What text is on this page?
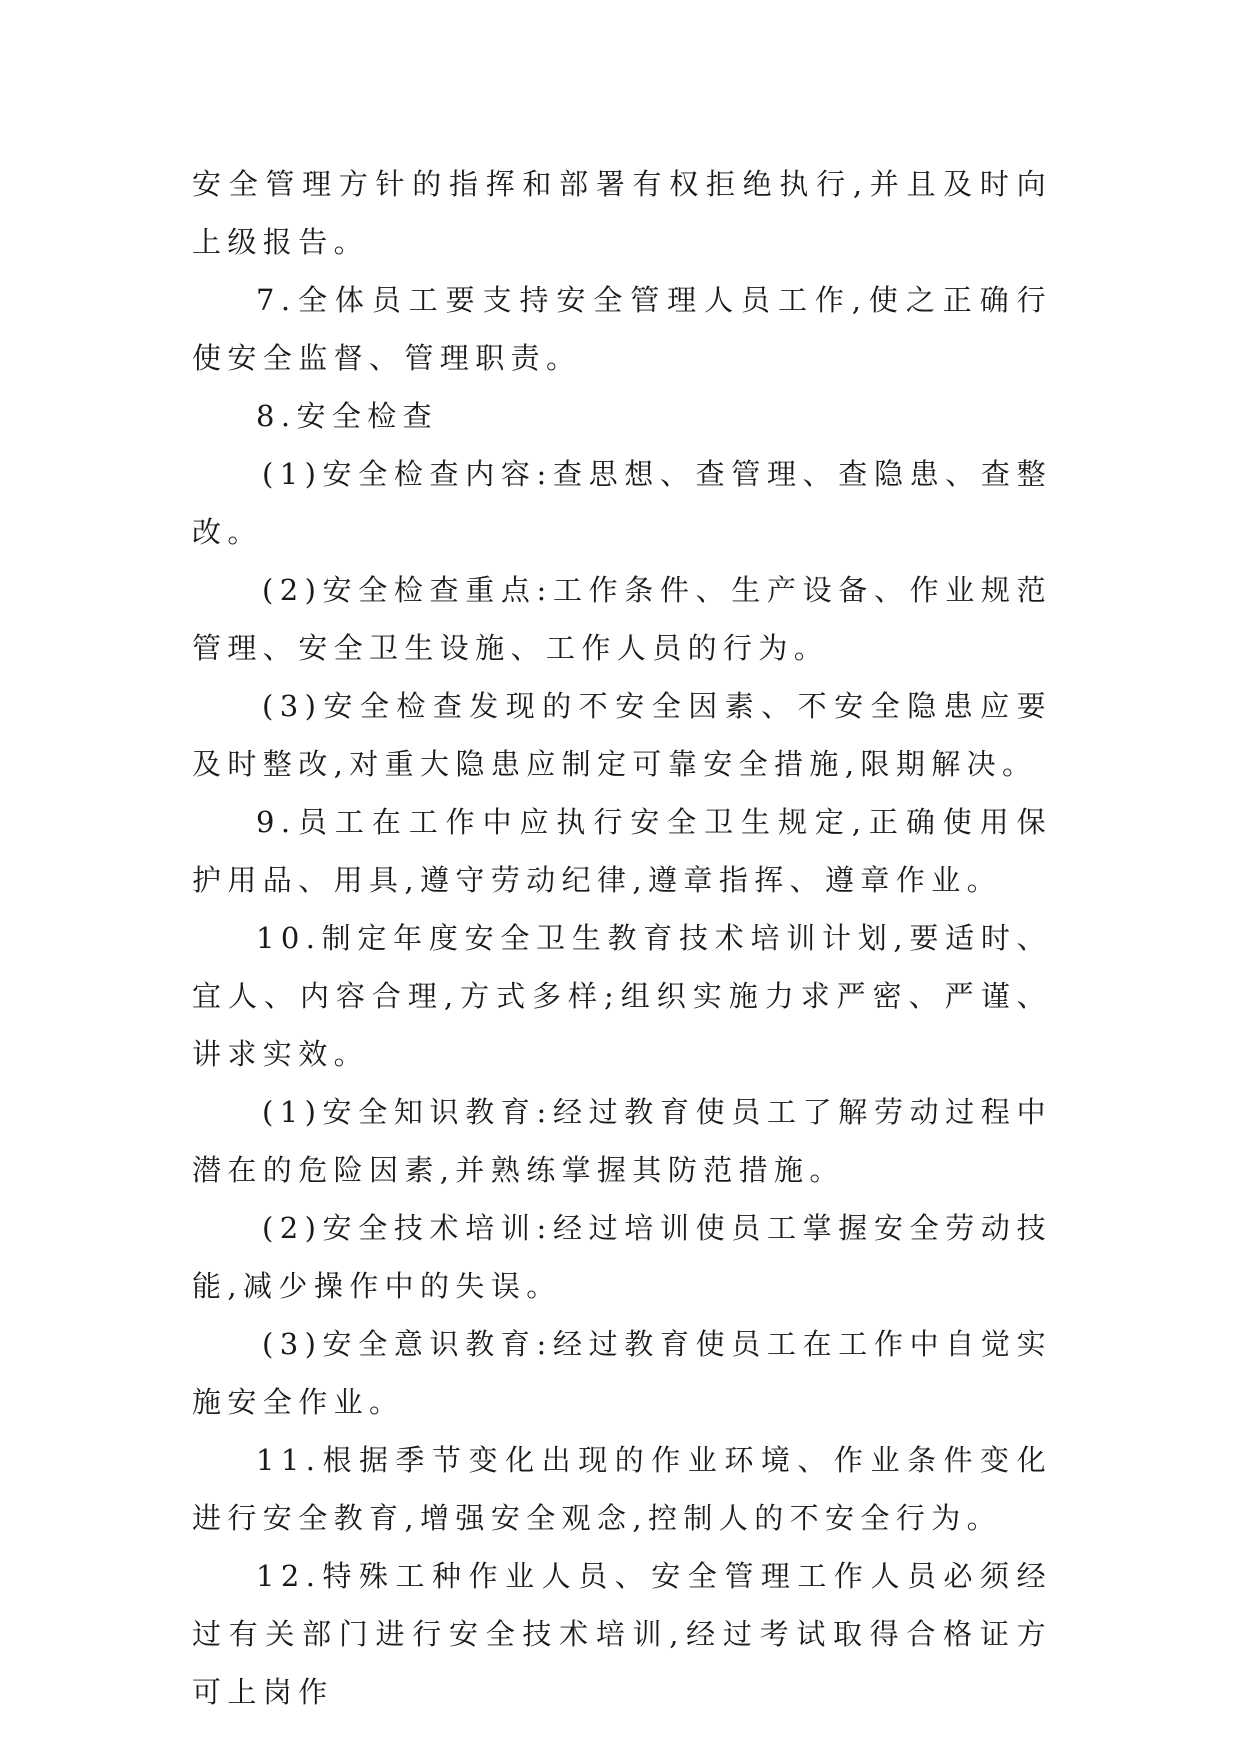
安全管理方针的指挥和部署有权拒绝执行,并且及时向上级报告。

7.全体员工要支持安全管理人员工作,使之正确行使安全监督、管理职责。

8.安全检查

(1)安全检查内容:查思想、查管理、查隐患、查整改。

(2)安全检查重点:工作条件、生产设备、作业规范管理、安全卫生设施、工作人员的行为。

(3)安全检查发现的不安全因素、不安全隐患应要及时整改,对重大隐患应制定可靠安全措施,限期解决。

9.员工在工作中应执行安全卫生规定,正确使用保护用品、用具,遵守劳动纪律,遵章指挥、遵章作业。

10.制定年度安全卫生教育技术培训计划,要适时、宜人、内容合理,方式多样;组织实施力求严密、严谨、讲求实效。

(1)安全知识教育:经过教育使员工了解劳动过程中潜在的危险因素,并熟练掌握其防范措施。

(2)安全技术培训:经过培训使员工掌握安全劳动技能,减少操作中的失误。

(3)安全意识教育:经过教育使员工在工作中自觉实施安全作业。

11.根据季节变化出现的作业环境、作业条件变化进行安全教育,增强安全观念,控制人的不安全行为。

12.特殊工种作业人员、安全管理工作人员必须经过有关部门进行安全技术培训,经过考试取得合格证方可上岗作
